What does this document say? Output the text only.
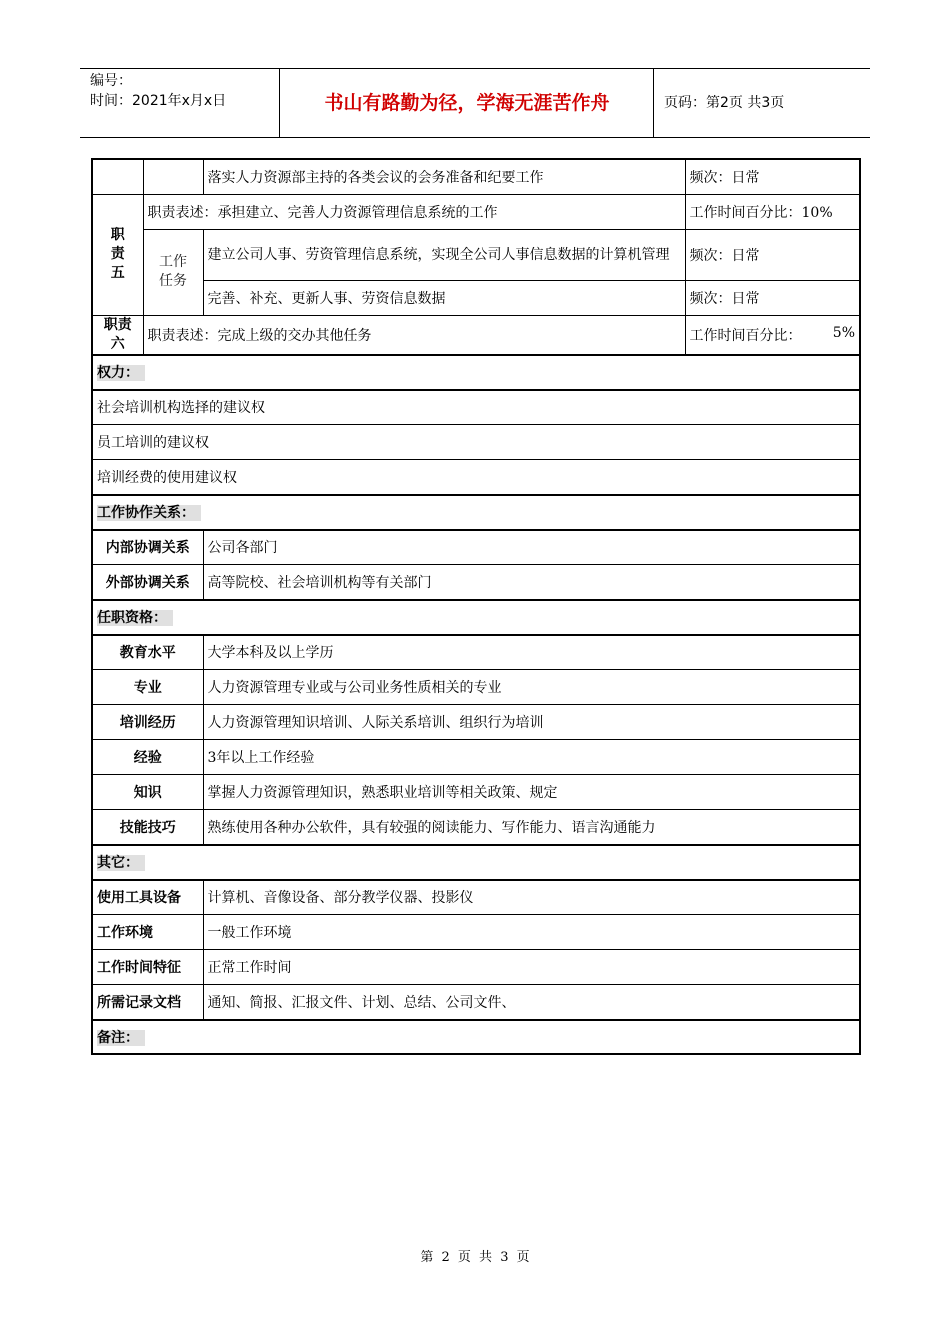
编号：
时间：2021年x月x日	书山有路勤为径，学海无涯苦作舟	页码：第2页 共3页
		落实人力资源部主持的各类会议的会务准备和纪要工作	频次：日常
职责五	职责表述：承担建立、完善人力资源管理信息系统的工作		工作时间百分比：10%
	工作任务	建立公司人事、劳资管理信息系统，实现全公司人事信息数据的计算机管理	频次：日常
		完善、补充、更新人事、劳资信息数据	频次：日常
职责六	职责表述：完成上级的交办其他任务		工作时间百分比： 5%

权力：			
社会培训机构选择的建议权			
员工培训的建议权			
培训经费的使用建议权			
工作协作关系：			
内部协调关系		公司各部门	
外部协调关系		高等院校、社会培训机构等有关部门	
任职资格：			
教育水平		大学本科及以上学历	
专业		人力资源管理专业或与公司业务性质相关的专业	
培训经历		人力资源管理知识培训、人际关系培训、组织行为培训	
经验		3年以上工作经验	
知识		掌握人力资源管理知识，熟悉职业培训等相关政策、规定	
技能技巧		熟练使用各种办公软件，具有较强的阅读能力、写作能力、语言沟通能力	
其它：			
使用工具设备		计算机、音像设备、部分教学仪器、投影仪	
工作环境		一般工作环境	
工作时间特征		正常工作时间	
所需记录文档		通知、简报、汇报文件、计划、总结、公司文件、	
备注：			
第 2 页 共 3 页
